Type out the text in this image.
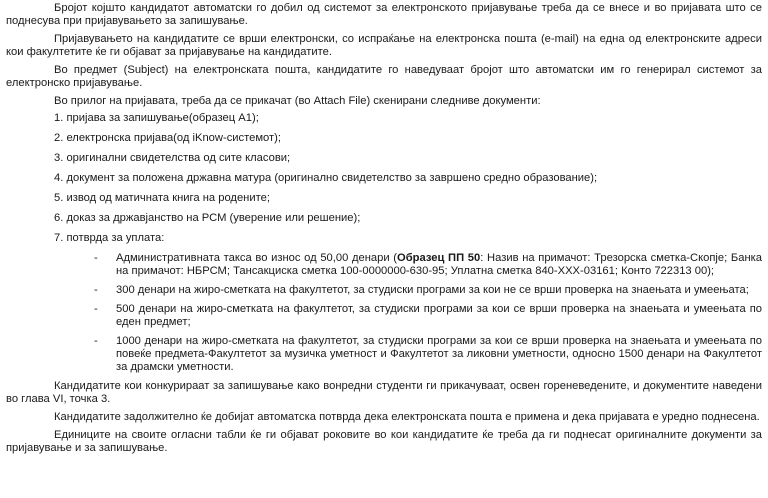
Бројот којшто кандидатот автоматски го добил од системот за електронското пријавување треба да се внесе и во пријавата што се поднесува при пријавувањето за запишување.

Пријавувањето на кандидатите се врши електронски, со испраќање на електронска пошта (e-mail) на една од електронските адреси кои факултетите ќе ги објават за пријавување на кандидатите.

Во предмет (Subject) на електронската пошта, кандидатите го наведуваат бројот што автоматски им го генерирал системот за електронско пријавување.

Во прилог на пријавата, треба да се прикачат (во Attach File) скенирани следниве документи:

1. пријава за запишување(образец А1);

2. електронска пријава(од iKnow-системот);

3. оригинални свидетелства од сите класови;

4. документ за положена државна матура (оригинално свидетелство за завршено средно образование);

5. извод од матичната книга на родените;

6. доказ за државјанство на РСМ (уверение или решение);

7. потврда за уплата:

- Административната такса во износ од 50,00 денари (Образец ПП 50: Назив на примачот: Трезорска сметка-Скопје; Банка на примачот: НБРСМ; Тансакциска сметка 100-0000000-630-95; Уплатна сметка 840-XXX-03161; Конто 722313 00);
- 300 денари на жиро-сметката на факултетот, за студиски програми за кои не се врши проверка на знаењата и умеењата;
- 500 денари на жиро-сметката на факултетот, за студиски програми за кои се врши проверка на знаењата и умеењата по еден предмет;
- 1000 денари на жиро-сметката на факултетот, за студиски програми за кои се врши проверка на знаењата и умеењата по повеќе предмета-Факултетот за музичка уметност и Факултетот за ликовни уметности, односно 1500 денари на Факултетот за драмски уметности.

Кандидатите кои конкурираат за запишување како вонредни студенти ги прикачуваат, освен гореневедените, и документите наведени во глава VI, точка 3.

Кандидатите задолжително ќе добијат автоматска потврда дека електронската пошта е примена и дека пријавата е уредно поднесена.

Единиците на своите огласни табли ќе ги објават роковите во кои кандидатите ќе треба да ги поднесат оригиналните документи за пријавување и за запишување.
